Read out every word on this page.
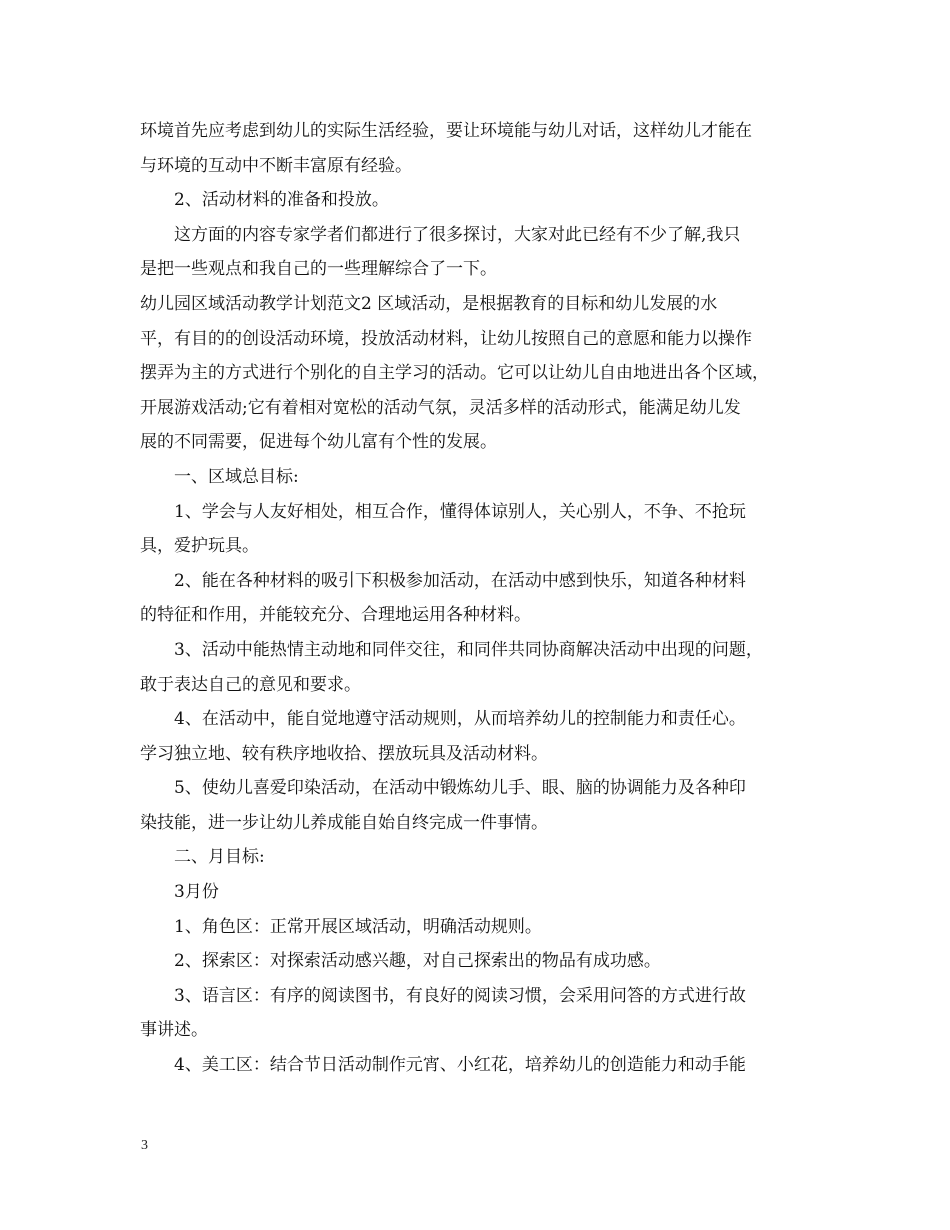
环境首先应考虑到幼儿的实际生活经验，要让环境能与幼儿对话，这样幼儿才能在

与环境的互动中不断丰富原有经验。

2、活动材料的准备和投放。

这方面的内容专家学者们都进行了很多探讨，大家对此已经有不少了解,我只

是把一些观点和我自己的一些理解综合了一下。

幼儿园区域活动教学计划范文2 区域活动，是根据教育的目标和幼儿发展的水

平，有目的的创设活动环境，投放活动材料，让幼儿按照自己的意愿和能力以操作

摆弄为主的方式进行个别化的自主学习的活动。它可以让幼儿自由地进出各个区域，

开展游戏活动;它有着相对宽松的活动气氛，灵活多样的活动形式，能满足幼儿发

展的不同需要，促进每个幼儿富有个性的发展。

一、区域总目标:

1、学会与人友好相处，相互合作，懂得体谅别人，关心别人，不争、不抢玩

具，爱护玩具。

2、能在各种材料的吸引下积极参加活动，在活动中感到快乐，知道各种材料

的特征和作用，并能较充分、合理地运用各种材料。

3、活动中能热情主动地和同伴交往，和同伴共同协商解决活动中出现的问题，

敢于表达自己的意见和要求。

4、在活动中，能自觉地遵守活动规则，从而培养幼儿的控制能力和责任心。

学习独立地、较有秩序地收拾、摆放玩具及活动材料。

5、使幼儿喜爱印染活动，在活动中锻炼幼儿手、眼、脑的协调能力及各种印

染技能，进一步让幼儿养成能自始自终完成一件事情。

二、月目标:

3月份

1、角色区：正常开展区域活动，明确活动规则。

2、探索区：对探索活动感兴趣，对自己探索出的物品有成功感。

3、语言区：有序的阅读图书，有良好的阅读习惯，会采用问答的方式进行故

事讲述。

4、美工区：结合节日活动制作元宵、小红花，培养幼儿的创造能力和动手能

3
